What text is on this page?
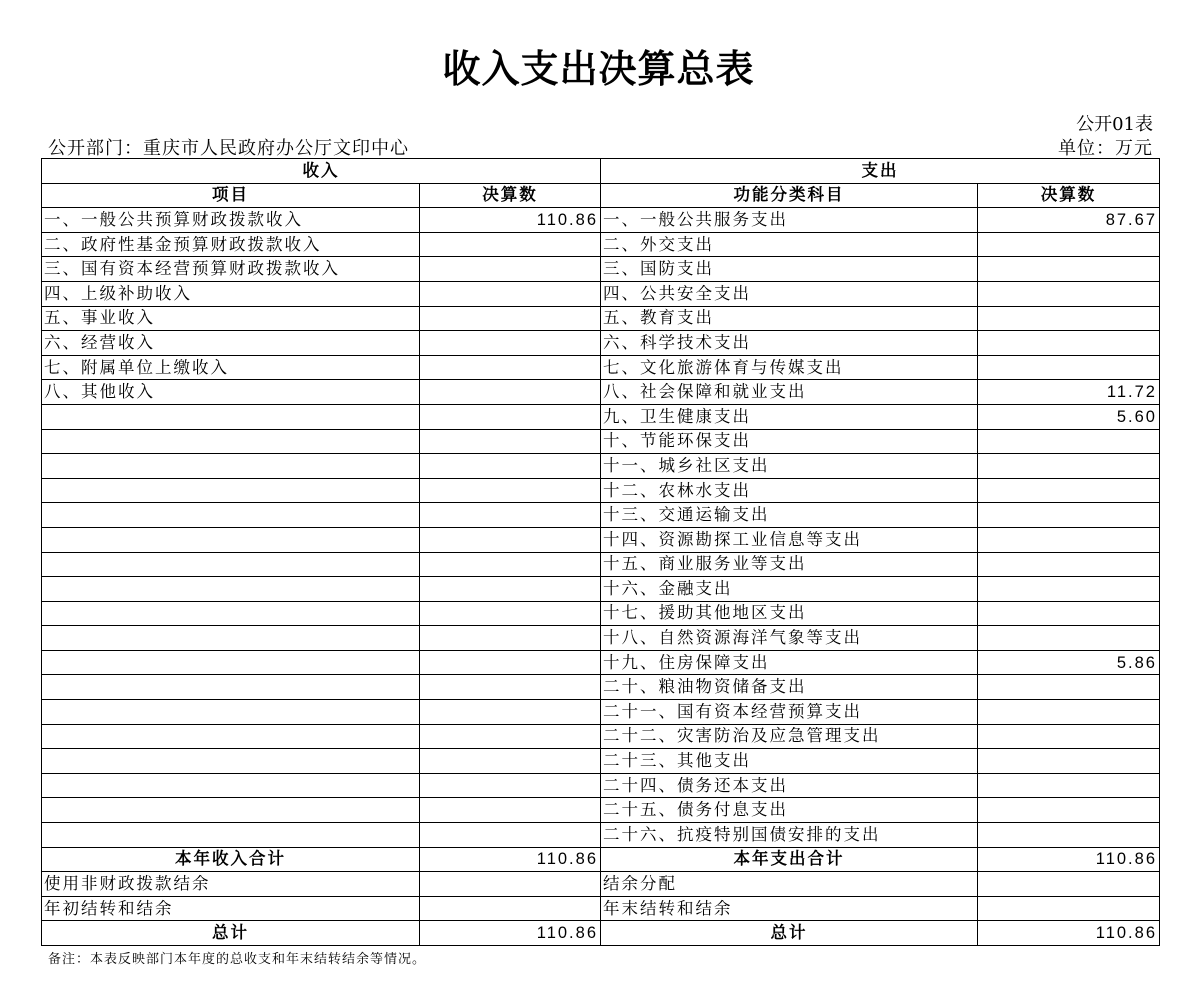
收入支出决算总表
公开01表
公开部门：重庆市人民政府办公厅文印中心	单位：万元
收入		支出	
项目	决算数	功能分类科目	决算数
一、一般公共预算财政拨款收入	110.86	一、一般公共服务支出	87.67
二、政府性基金预算财政拨款收入		二、外交支出	
三、国有资本经营预算财政拨款收入		三、国防支出	
四、上级补助收入		四、公共安全支出	
五、事业收入		五、教育支出	
六、经营收入		六、科学技术支出	
七、附属单位上缴收入		七、文化旅游体育与传媒支出	
八、其他收入		八、社会保障和就业支出	11.72
		九、卫生健康支出	5.60
		十、节能环保支出	
		十一、城乡社区支出	
		十二、农林水支出	
		十三、交通运输支出	
		十四、资源勘探工业信息等支出	
		十五、商业服务业等支出	
		十六、金融支出	
		十七、援助其他地区支出	
		十八、自然资源海洋气象等支出	
		十九、住房保障支出	5.86
		二十、粮油物资储备支出	
		二十一、国有资本经营预算支出	
		二十二、灾害防治及应急管理支出	
		二十三、其他支出	
		二十四、债务还本支出	
		二十五、债务付息支出	
		二十六、抗疫特别国债安排的支出	
本年收入合计	110.86	本年支出合计	110.86
使用非财政拨款结余		结余分配	
年初结转和结余		年末结转和结余	
总计	110.86	总计	110.86
备注：本表反映部门本年度的总收支和年末结转结余等情况。
